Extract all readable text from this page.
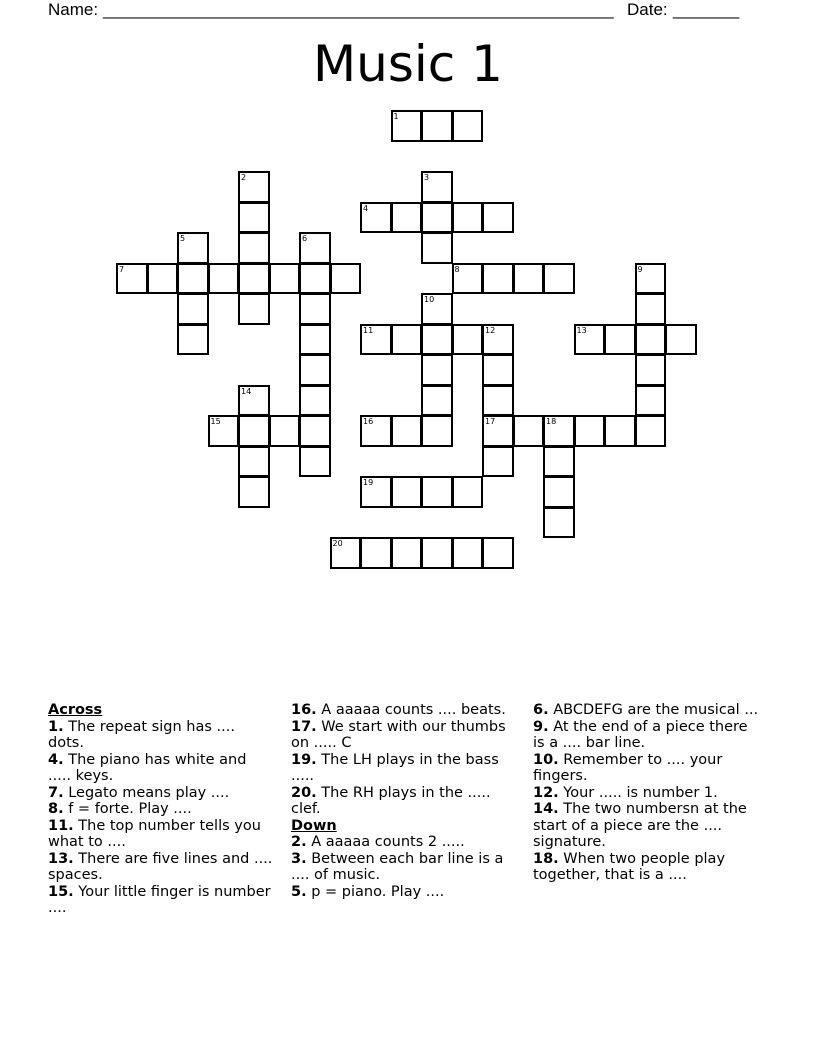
Name: ______________________________________________________ Date: _______
Music 1
1
2	3
4
5	6
7	8	9
10
11	12	13
14
15	16	17	18
19
20
Across
1. The repeat sign has .... dots.
4. The piano has white and ..... keys.
7. Legato means play ....
8. f = forte. Play ....
11. The top number tells you what to ....
13. There are five lines and .... spaces.
15. Your little finger is number ....
16. A aaaaa counts .... beats.
17. We start with our thumbs on ..... C
19. The LH plays in the bass .....
20. The RH plays in the ..... clef.
Down
2. A aaaaa counts 2 .....
3. Between each bar line is a .... of music.
5. p = piano. Play ....
6. ABCDEFG are the musical ...
9. At the end of a piece there is a .... bar line.
10. Remember to .... your fingers.
12. Your ..... is number 1.
14. The two numbersn at the start of a piece are the .... signature.
18. When two people play together, that is a ....
